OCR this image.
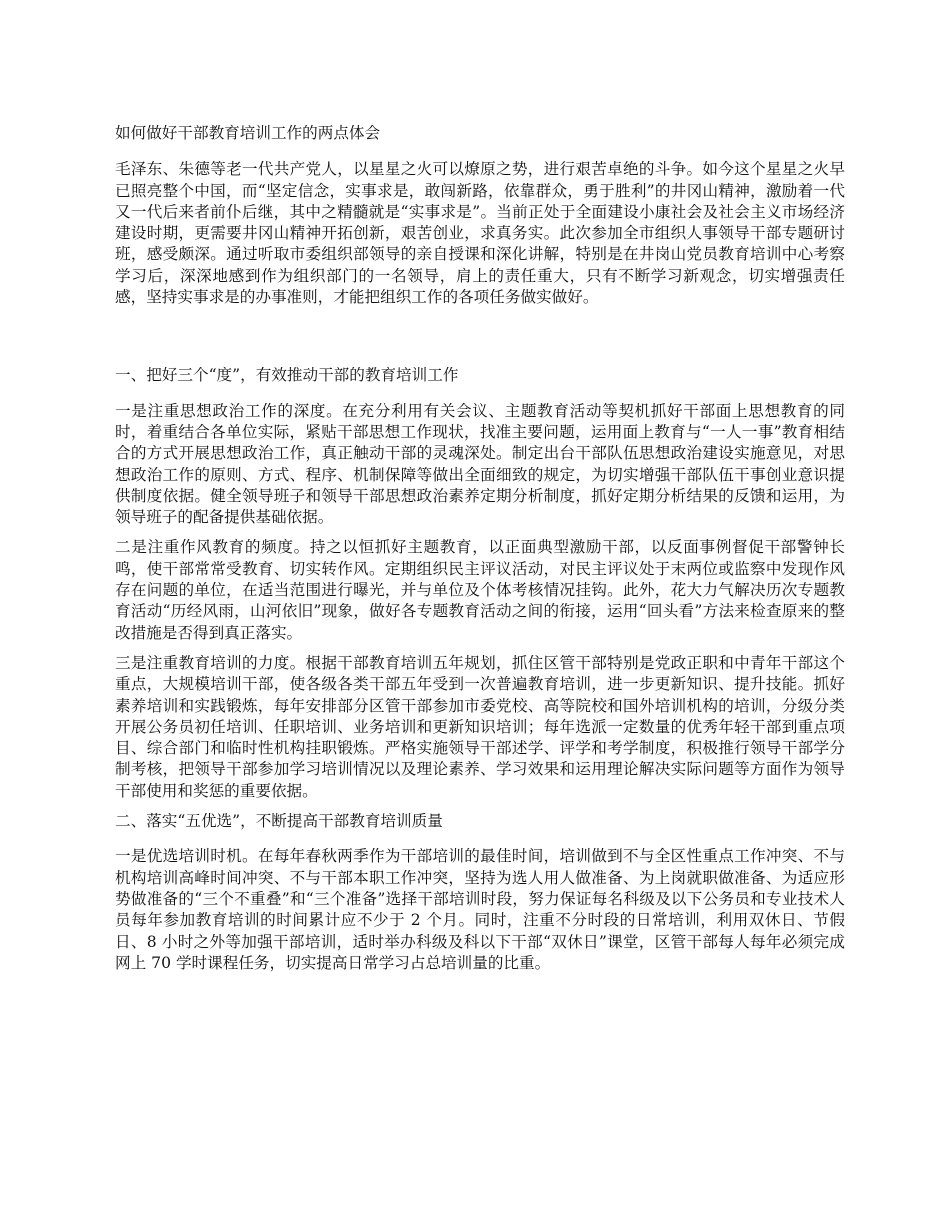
如何做好干部教育培训工作的两点体会

毛泽东、朱德等老一代共产党人，以星星之火可以燎原之势，进行艰苦卓绝的斗争。如今这个星星之火早已照亮整个中国，而“坚定信念，实事求是，敢闯新路，依靠群众，勇于胜利”的井冈山精神，激励着一代又一代后来者前仆后继，其中之精髓就是“实事求是”。当前正处于全面建设小康社会及社会主义市场经济建设时期，更需要井冈山精神开拓创新，艰苦创业，求真务实。此次参加全市组织人事领导干部专题研讨班，感受颇深。通过听取市委组织部领导的亲自授课和深化讲解，特别是在井岗山党员教育培训中心考察学习后，深深地感到作为组织部门的一名领导，肩上的责任重大，只有不断学习新观念，切实增强责任感，坚持实事求是的办事准则，才能把组织工作的各项任务做实做好。

一、把好三个“度”，有效推动干部的教育培训工作

一是注重思想政治工作的深度。在充分利用有关会议、主题教育活动等契机抓好干部面上思想教育的同时，着重结合各单位实际，紧贴干部思想工作现状，找准主要问题，运用面上教育与“一人一事”教育相结合的方式开展思想政治工作，真正触动干部的灵魂深处。制定出台干部队伍思想政治建设实施意见，对思想政治工作的原则、方式、程序、机制保障等做出全面细致的规定，为切实增强干部队伍干事创业意识提供制度依据。健全领导班子和领导干部思想政治素养定期分析制度，抓好定期分析结果的反馈和运用，为领导班子的配备提供基础依据。

二是注重作风教育的频度。持之以恒抓好主题教育，以正面典型激励干部，以反面事例督促干部警钟长鸣，使干部常常受教育、切实转作风。定期组织民主评议活动，对民主评议处于末两位或监察中发现作风存在问题的单位，在适当范围进行曝光，并与单位及个体考核情况挂钩。此外，花大力气解决历次专题教育活动“历经风雨，山河依旧”现象，做好各专题教育活动之间的衔接，运用“回头看”方法来检查原来的整改措施是否得到真正落实。

三是注重教育培训的力度。根据干部教育培训五年规划，抓住区管干部特别是党政正职和中青年干部这个重点，大规模培训干部，使各级各类干部五年受到一次普遍教育培训，进一步更新知识、提升技能。抓好素养培训和实践锻炼，每年安排部分区管干部参加市委党校、高等院校和国外培训机构的培训，分级分类开展公务员初任培训、任职培训、业务培训和更新知识培训；每年选派一定数量的优秀年轻干部到重点项目、综合部门和临时性机构挂职锻炼。严格实施领导干部述学、评学和考学制度，积极推行领导干部学分制考核，把领导干部参加学习培训情况以及理论素养、学习效果和运用理论解决实际问题等方面作为领导干部使用和奖惩的重要依据。

二、落实“五优选”，不断提高干部教育培训质量

一是优选培训时机。在每年春秋两季作为干部培训的最佳时间，培训做到不与全区性重点工作冲突、不与机构培训高峰时间冲突、不与干部本职工作冲突，坚持为选人用人做准备、为上岗就职做准备、为适应形势做准备的“三个不重叠”和“三个准备”选择干部培训时段，努力保证每名科级及以下公务员和专业技术人员每年参加教育培训的时间累计应不少于 2 个月。同时，注重不分时段的日常培训，利用双休日、节假日、8 小时之外等加强干部培训，适时举办科级及科以下干部“双休日”课堂，区管干部每人每年必须完成网上 70 学时课程任务，切实提高日常学习占总培训量的比重。
